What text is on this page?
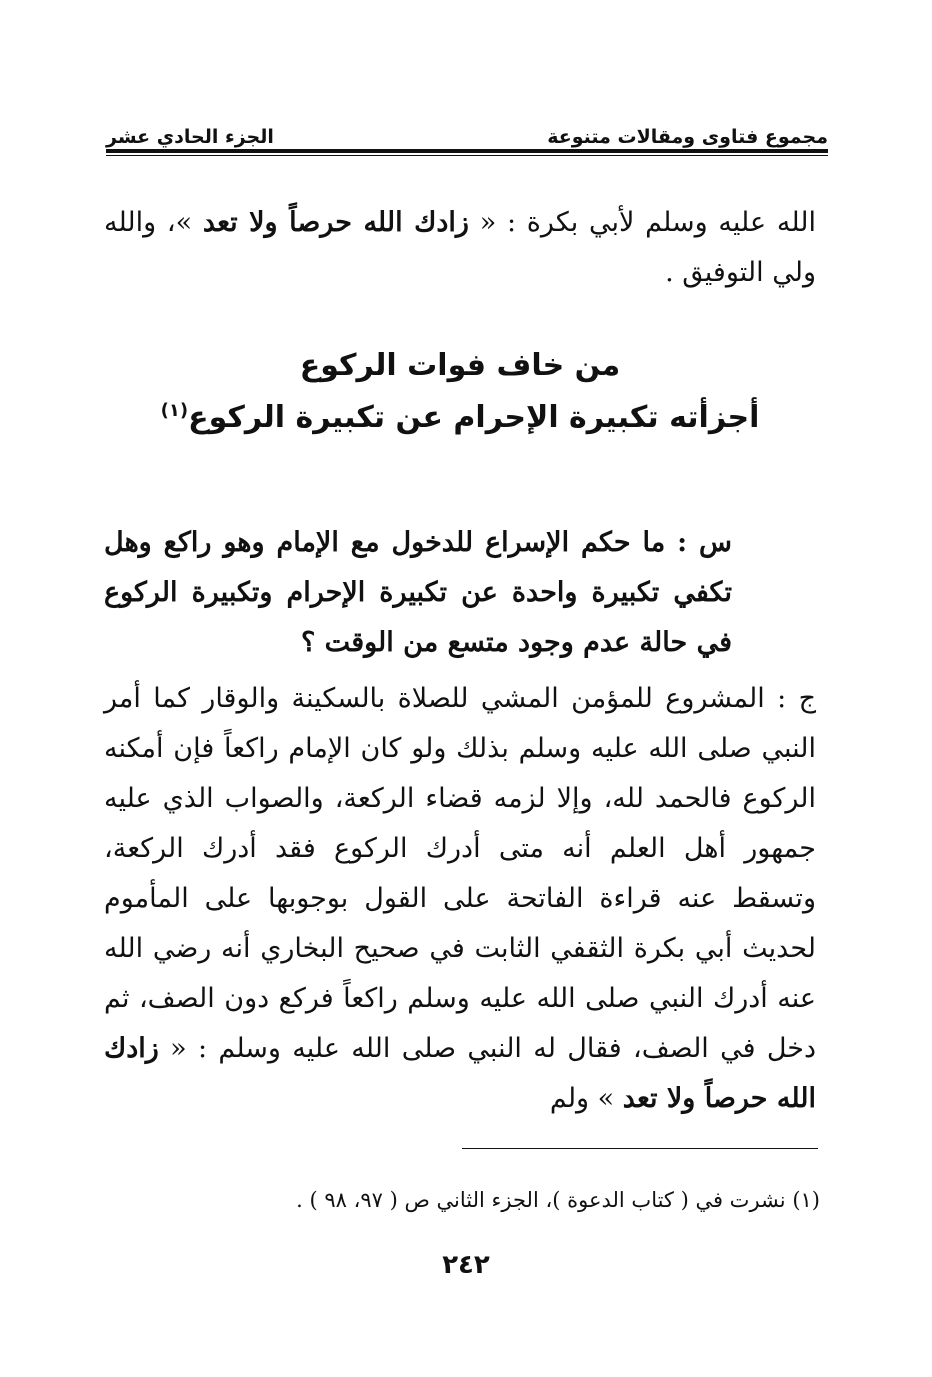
مجموع فتاوى ومقالات متنوعة
الجزء الحادي عشر

الله عليه وسلم لأبي بكرة : « زادك الله حرصاً ولا تعد »، والله ولي التوفيق .

من خاف فوات الركوع
أجزأته تكبيرة الإحرام عن تكبيرة الركوع$^{(١)}$

س : ما حكم الإسراع للدخول مع الإمام وهو راكع وهل تكفي تكبيرة واحدة عن تكبيرة الإحرام وتكبيرة الركوع في حالة عدم وجود متسع من الوقت ؟

ج : المشروع للمؤمن المشي للصلاة بالسكينة والوقار كما أمر النبي صلى الله عليه وسلم بذلك ولو كان الإمام راكعاً فإن أمكنه الركوع فالحمد لله، وإلا لزمه قضاء الركعة، والصواب الذي عليه جمهور أهل العلم أنه متى أدرك الركوع فقد أدرك الركعة، وتسقط عنه قراءة الفاتحة على القول بوجوبها على المأموم لحديث أبي بكرة الثقفي الثابت في صحيح البخاري أنه رضي الله عنه أدرك النبي صلى الله عليه وسلم راكعاً فركع دون الصف، ثم دخل في الصف، فقال له النبي صلى الله عليه وسلم : « زادك الله حرصاً ولا تعد » ولم

(١) نشرت في ( كتاب الدعوة )، الجزء الثاني ص ( ٩٧، ٩٨ ) .
٢٤٢
